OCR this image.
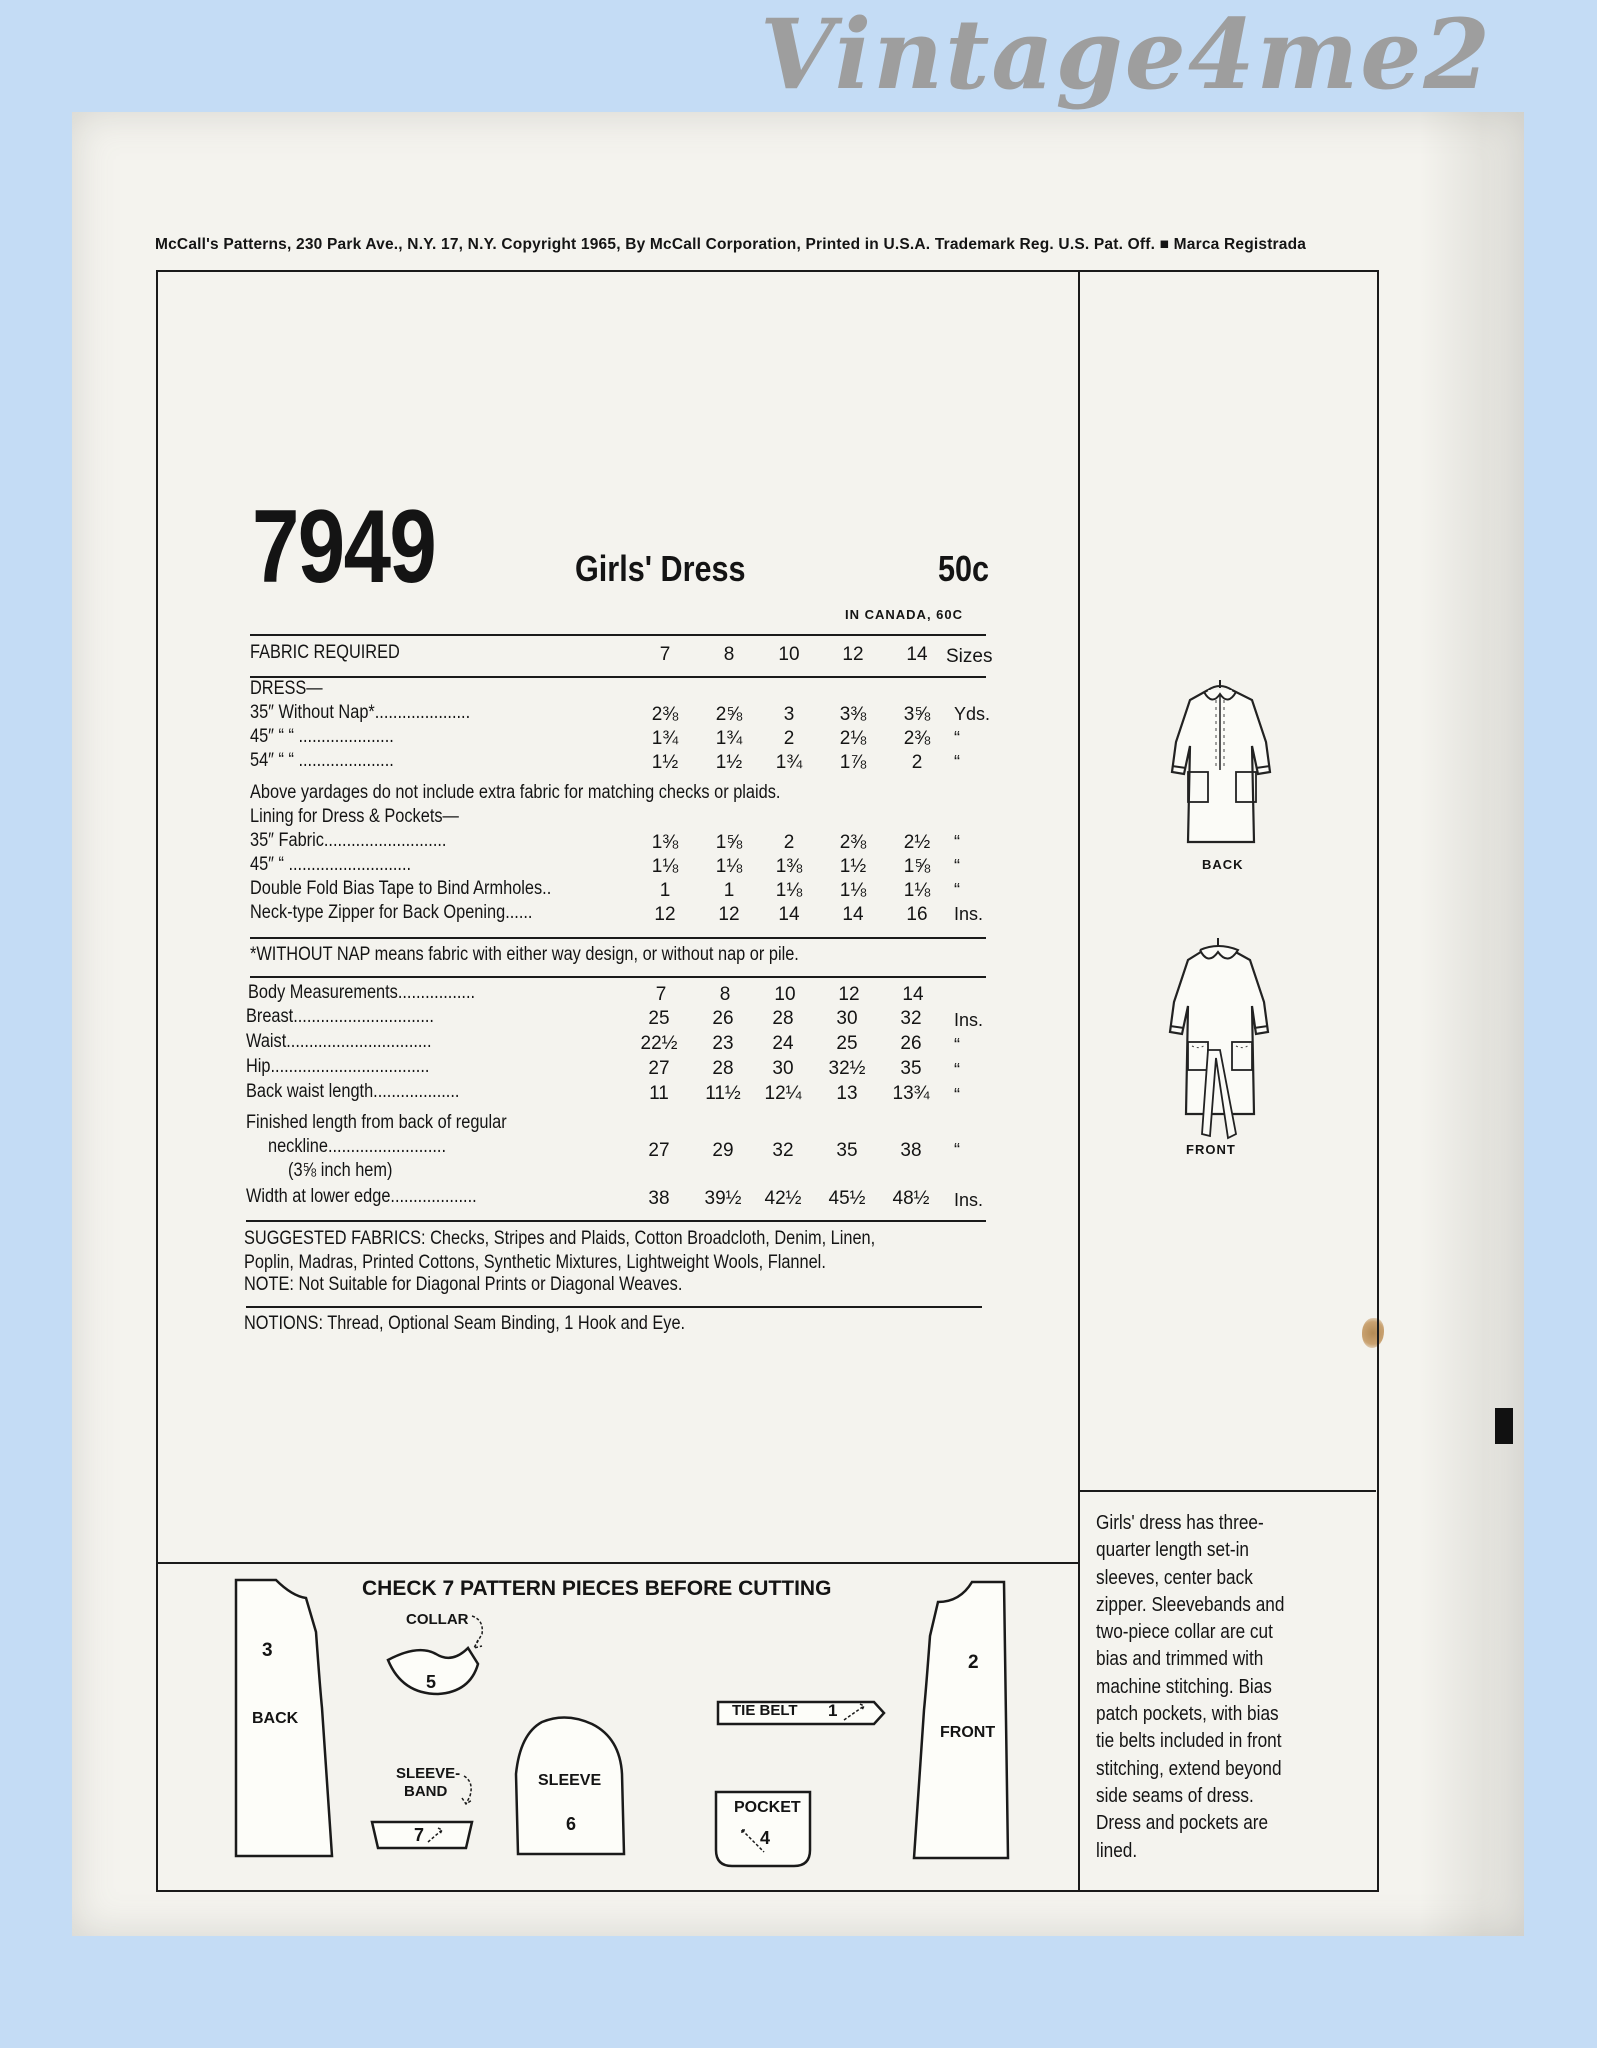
Vintage4me2
McCall's Patterns, 230 Park Ave., N.Y. 17, N.Y. Copyright 1965, By McCall Corporation, Printed in U.S.A. Trademark Reg. U.S. Pat. Off. ■ Marca Registrada
7949	Girls' Dress	50c
IN CANADA, 60C
FABRIC REQUIRED	7	8	10	12	14 Sizes
DRESS—
35″ Without Nap*.....................	2⅜	2⅝	3	3⅜	3⅝	Yds.
45″ “ “ .....................	1¾	1¾	2	2⅛	2⅜	“
54″ “ “ .....................	1½	1½	1¾	1⅞	2	“
Above yardages do not include extra fabric for matching checks or plaids.
Lining for Dress & Pockets—
35″ Fabric...........................	1⅜	1⅝	2	2⅜	2½	“
45″ “ ...........................	1⅛	1⅛	1⅜	1½	1⅝	“
Double Fold Bias Tape to Bind Armholes..	1	1	1⅛	1⅛	1⅛	“
Neck-type Zipper for Back Opening......	12	12	14	14	16	Ins.
*WITHOUT NAP means fabric with either way design, or without nap or pile.
Body Measurements.................	7	8	10	12	14
Breast...............................	25	26	28	30	32	Ins.
Waist................................	22½	23	24	25	26	“
Hip...................................	27	28	30	32½	35	“
Back waist length...................	11	11½	12¼	13	13¾	“
Finished length from back of regular
neckline..........................	27	29	32	35	38	“
(3⅝ inch hem)
Width at lower edge...................	38	39½	42½	45½	48½	Ins.
SUGGESTED FABRICS: Checks, Stripes and Plaids, Cotton Broadcloth, Denim, Linen,
Poplin, Madras, Printed Cottons, Synthetic Mixtures, Lightweight Wools, Flannel.
NOTE: Not Suitable for Diagonal Prints or Diagonal Weaves.
NOTIONS: Thread, Optional Seam Binding, 1 Hook and Eye.
BACK
FRONT
CHECK 7 PATTERN PIECES BEFORE CUTTING
3
BACK
COLLAR
5
SLEEVE-
BAND
7
SLEEVE
6
TIE BELT 1
POCKET
4
2
FRONT
Girls' dress has three-
quarter length set-in
sleeves, center back
zipper. Sleevebands and
two-piece collar are cut
bias and trimmed with
machine stitching. Bias
patch pockets, with bias
tie belts included in front
stitching, extend beyond
side seams of dress.
Dress and pockets are
lined.
